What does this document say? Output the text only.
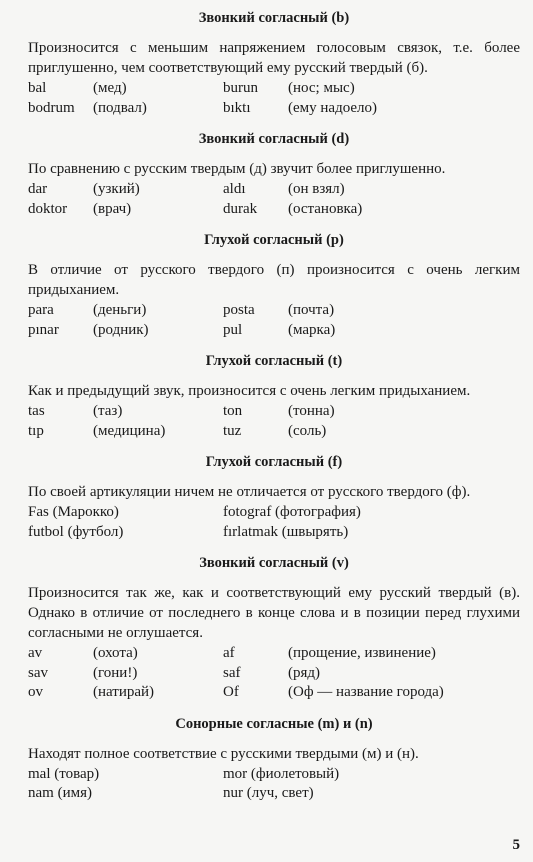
Звонкий согласный (b)
Произносится с меньшим напряжением голосовым связок, т.е. более приглушенно, чем соответствующий ему русский твердый (б).
bal	(мед)	burun	(нос; мыс)
bodrum	(подвал)	bıktı	(ему надоело)
Звонкий согласный (d)
По сравнению с русским твердым (д) звучит более приглушенно.
dar	(узкий)	aldı	(он взял)
doktor	(врач)	durak	(остановка)
Глухой согласный (p)
В отличие от русского твердого (п) произносится с очень легким придыханием.
para	(деньги)	posta	(почта)
pınar	(родник)	pul	(марка)
Глухой согласный (t)
Как и предыдущий звук, произносится с очень легким придыханием.
tas	(таз)	ton	(тонна)
tıp	(медицина)	tuz	(соль)
Глухой согласный (f)
По своей артикуляции ничем не отличается от русского твердого (ф).
Fas (Марокко)	fotograf (фотография)
futbol (футбол)	fırlatmak (швырять)
Звонкий согласный (v)
Произносится так же, как и соответствующий ему русский твердый (в). Однако в отличие от последнего в конце слова и в позиции перед глухими согласными не оглушается.
av	(охота)	af	(прощение, извинение)
sav	(гони!)	saf	(ряд)
ov	(натирай)	Of	(Оф — название города)
Сонорные согласные (m) и (n)
Находят полное соответствие с русскими твердыми (м) и (н).
mal (товар)	mor (фиолетовый)
nam (имя)	nur (луч, свет)
5
